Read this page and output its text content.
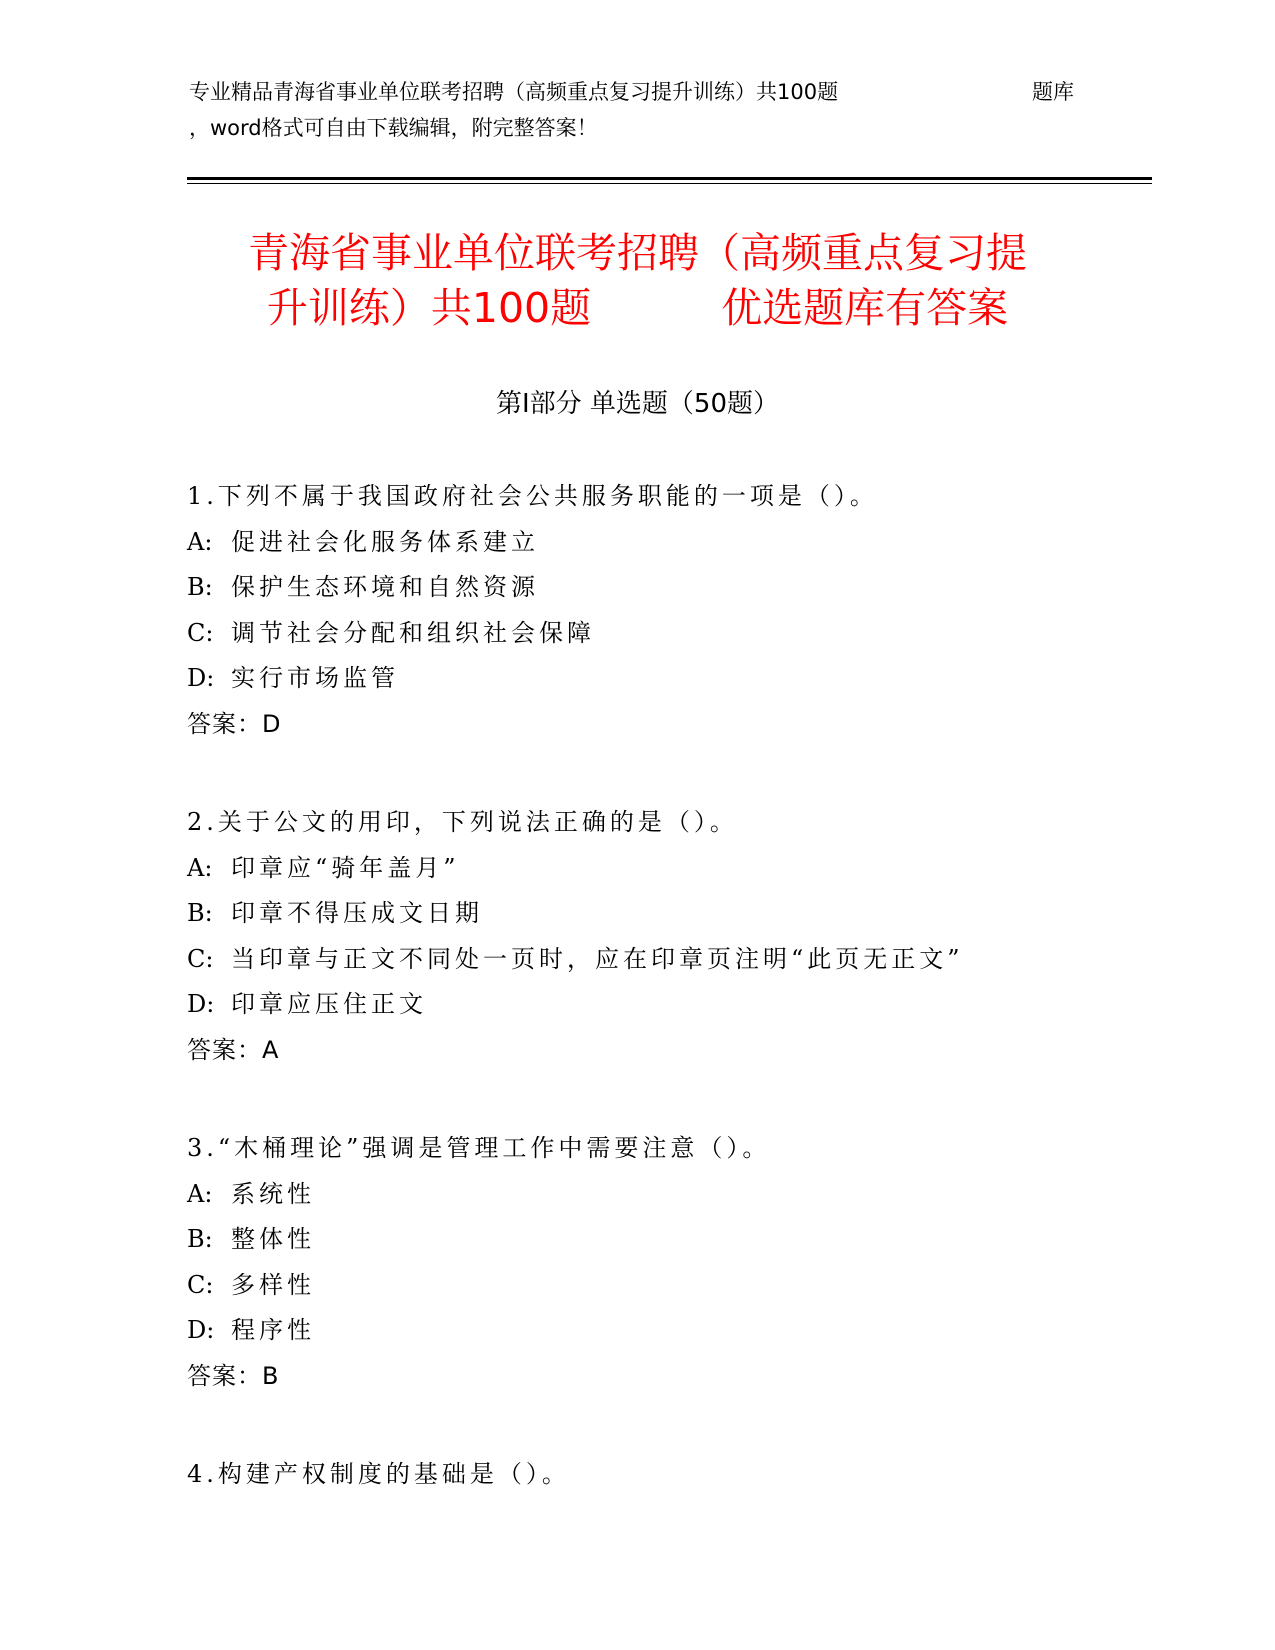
专业精品青海省事业单位联考招聘（高频重点复习提升训练）共100题	题库
，word格式可自由下载编辑，附完整答案！
青海省事业单位联考招聘（高频重点复习提
升训练）共100题	优选题库有答案
第Ⅰ部分 单选题（50题）
1.下列不属于我国政府社会公共服务职能的一项是（）。
A: 促进社会化服务体系建立
B: 保护生态环境和自然资源
C: 调节社会分配和组织社会保障
D: 实行市场监管
答案：D
2.关于公文的用印，下列说法正确的是（）。
A: 印章应“骑年盖月”
B: 印章不得压成文日期
C: 当印章与正文不同处一页时，应在印章页注明“此页无正文”
D: 印章应压住正文
答案：A
3.“木桶理论”强调是管理工作中需要注意（）。
A: 系统性
B: 整体性
C: 多样性
D: 程序性
答案：B
4.构建产权制度的基础是（）。
